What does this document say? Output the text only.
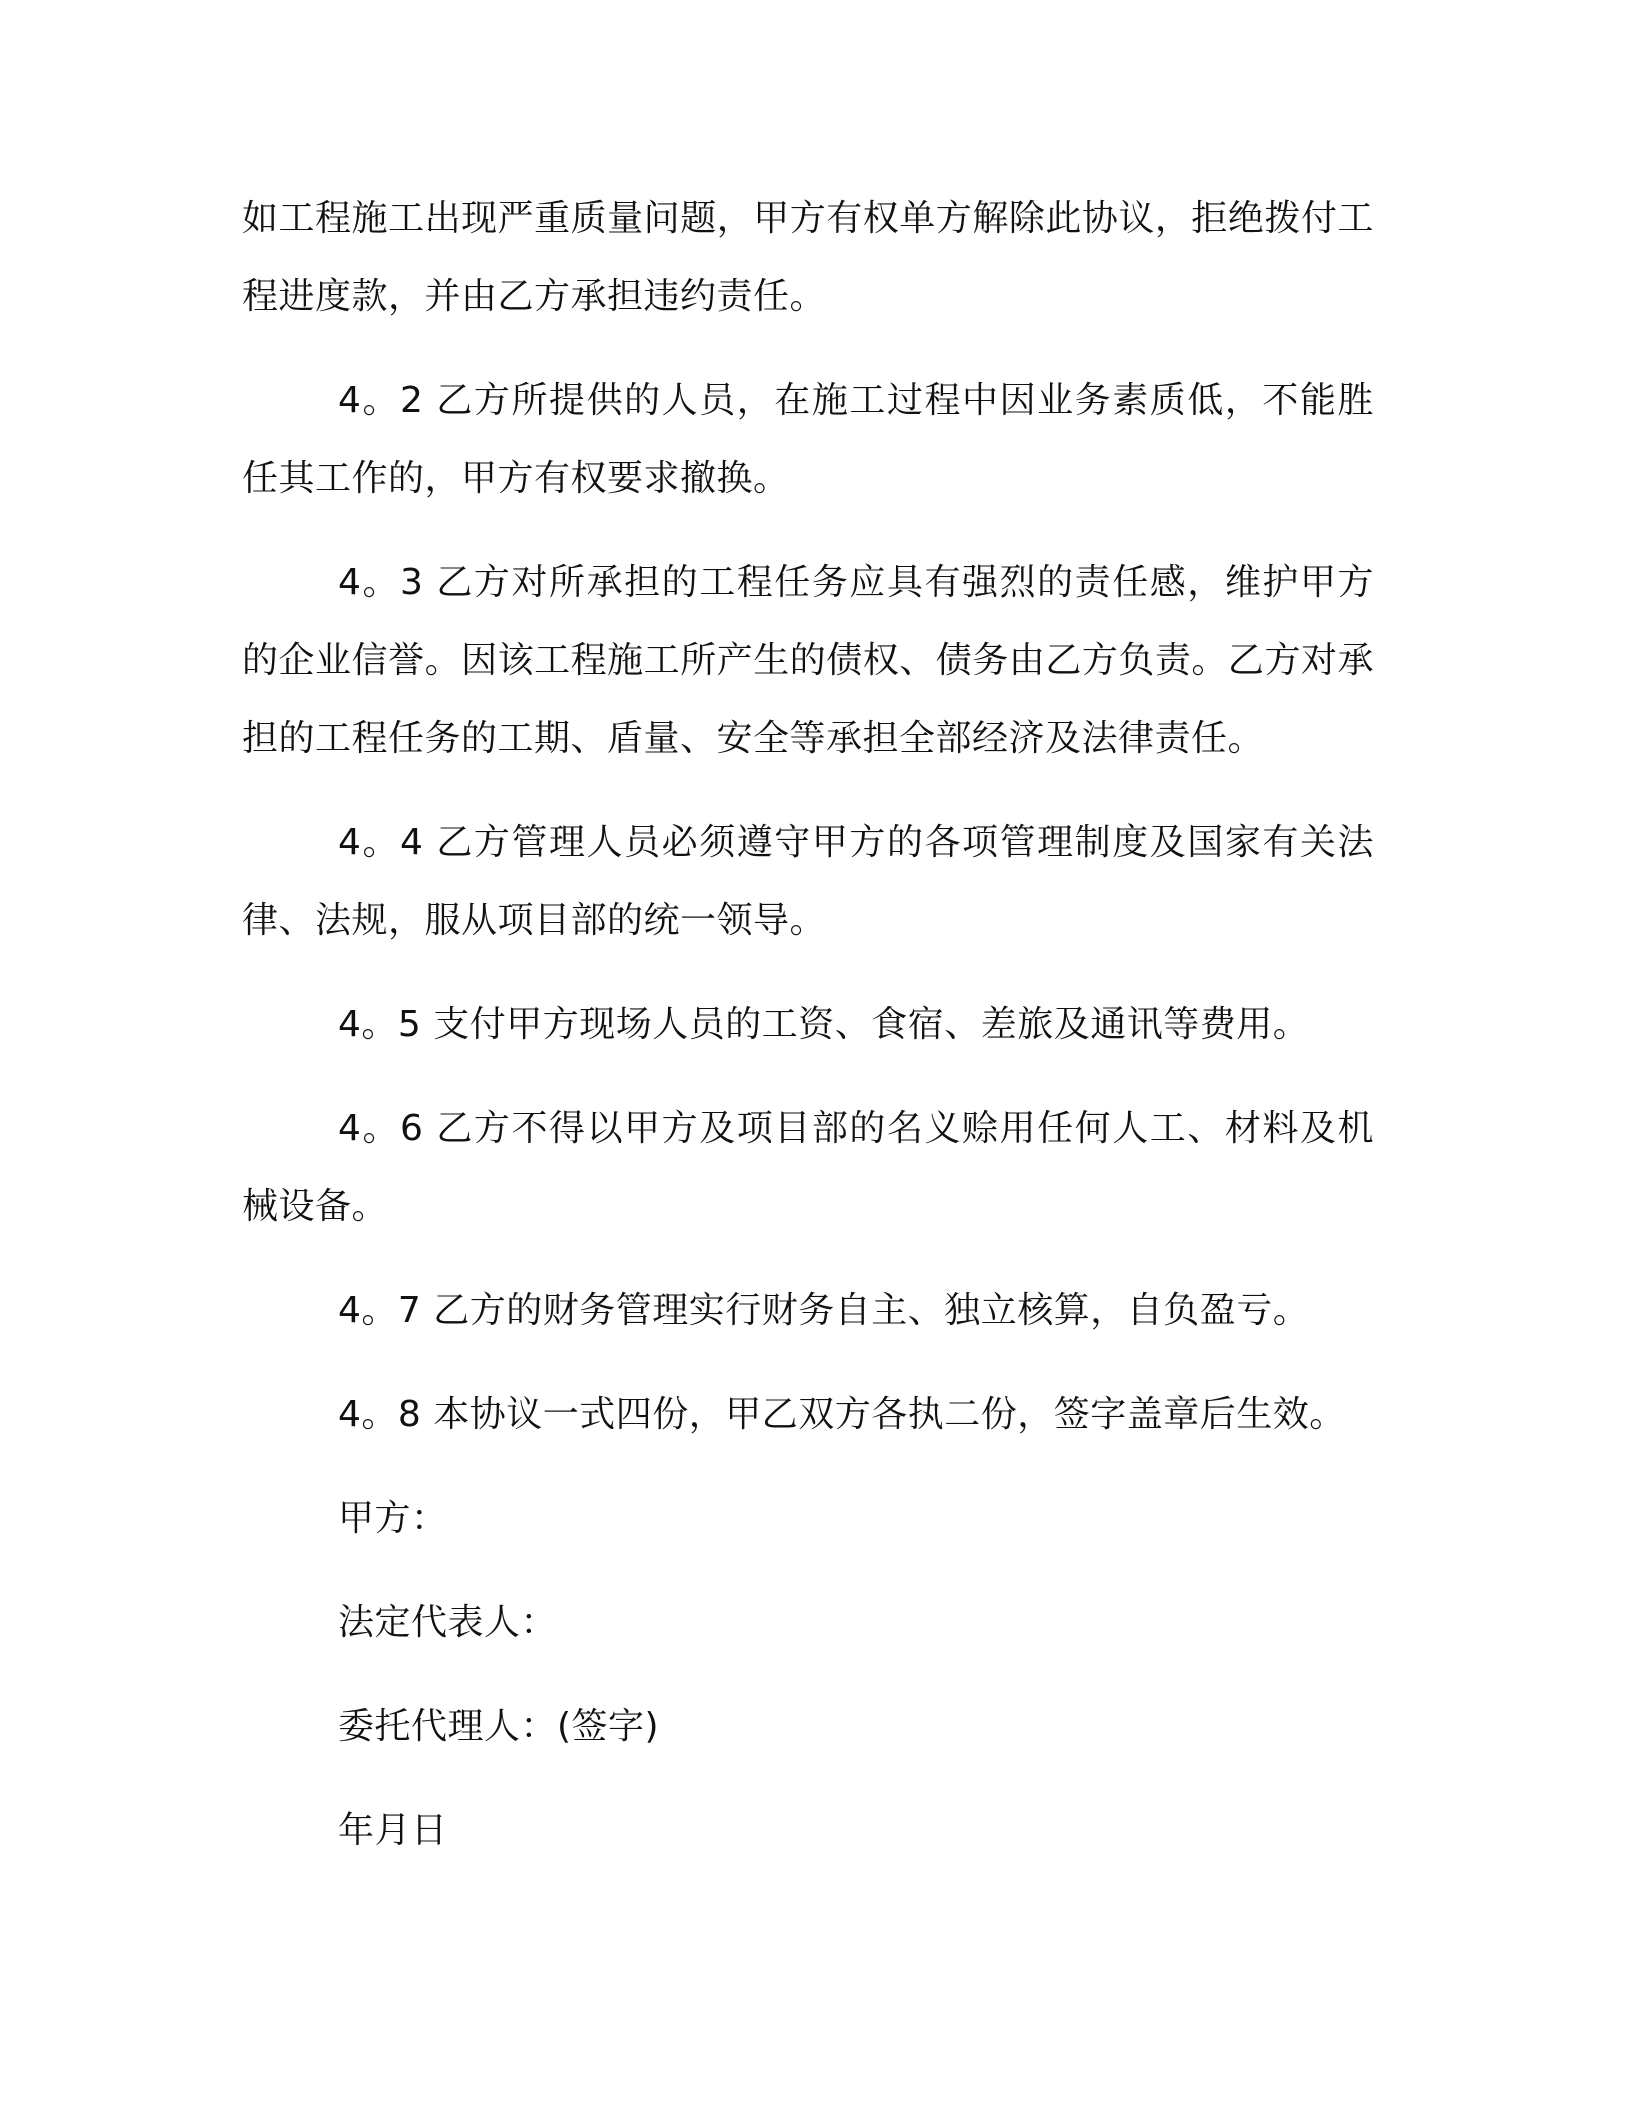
如工程施工出现严重质量问题，甲方有权单方解除此协议，拒绝拨付工程进度款，并由乙方承担违约责任。

4。2 乙方所提供的人员，在施工过程中因业务素质低，不能胜任其工作的，甲方有权要求撤换。

4。3 乙方对所承担的工程任务应具有强烈的责任感，维护甲方的企业信誉。因该工程施工所产生的债权、债务由乙方负责。乙方对承担的工程任务的工期、盾量、安全等承担全部经济及法律责任。

4。4 乙方管理人员必须遵守甲方的各项管理制度及国家有关法律、法规，服从项目部的统一领导。

4。5 支付甲方现场人员的工资、食宿、差旅及通讯等费用。

4。6 乙方不得以甲方及项目部的名义赊用任何人工、材料及机械设备。

4。7 乙方的财务管理实行财务自主、独立核算，自负盈亏。

4。8 本协议一式四份，甲乙双方各执二份，签字盖章后生效。

甲方：

法定代表人：

委托代理人：(签字)

年月日
